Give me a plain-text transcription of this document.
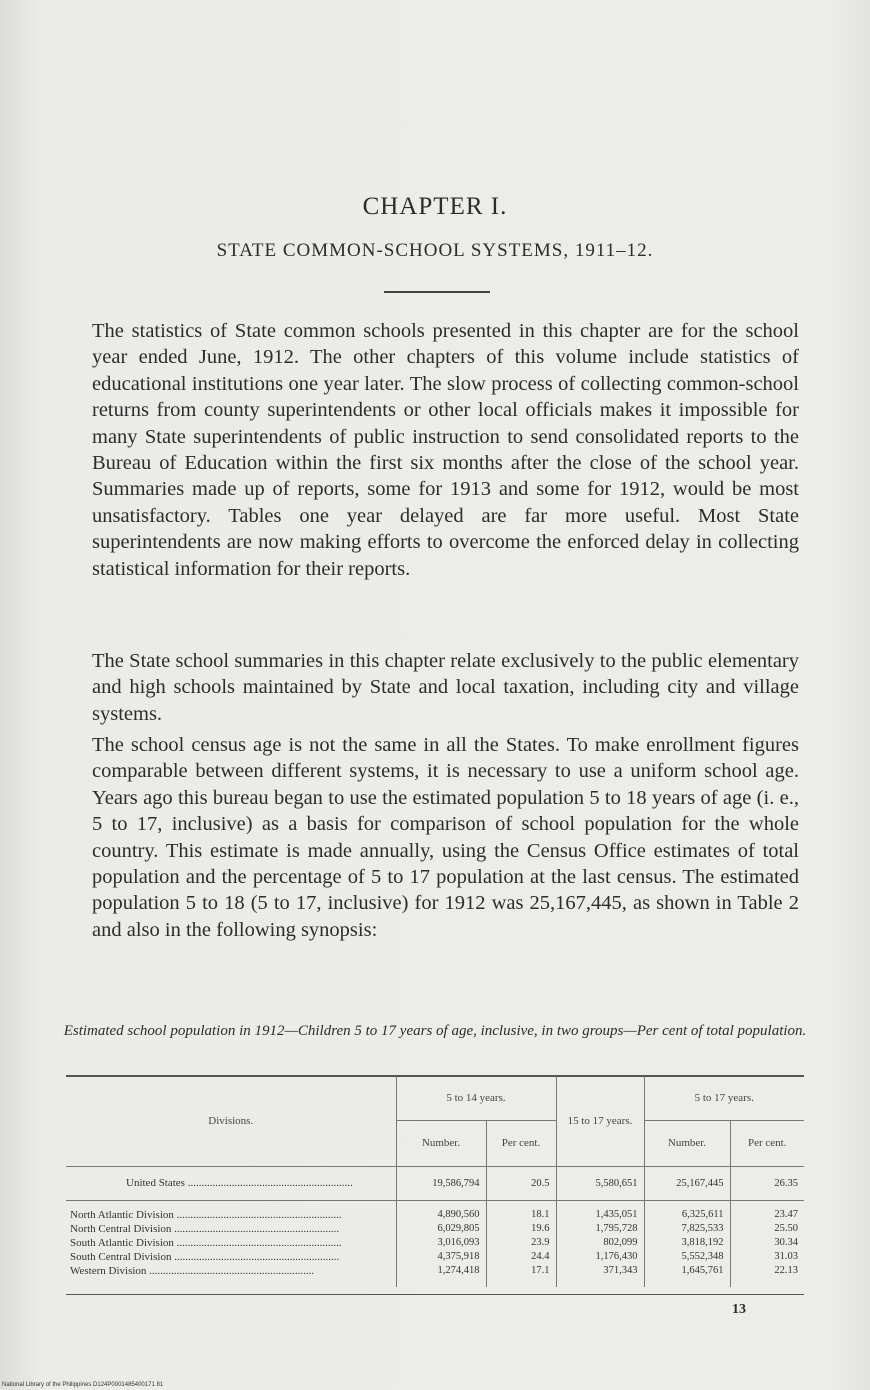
CHAPTER I.
STATE COMMON-SCHOOL SYSTEMS, 1911–12.

The statistics of State common schools presented in this chapter are for the school year ended June, 1912. The other chapters of this volume include statistics of educational institutions one year later. The slow process of collecting common-school returns from county superintendents or other local officials makes it impossible for many State superintendents of public instruction to send consolidated reports to the Bureau of Education within the first six months after the close of the school year. Summaries made up of reports, some for 1913 and some for 1912, would be most unsatisfactory. Tables one year delayed are far more useful. Most State superintendents are now making efforts to overcome the enforced delay in collecting statistical information for their reports.

The State school summaries in this chapter relate exclusively to the public elementary and high schools maintained by State and local taxation, including city and village systems.

The school census age is not the same in all the States. To make enrollment figures comparable between different systems, it is necessary to use a uniform school age. Years ago this bureau began to use the estimated population 5 to 18 years of age (i. e., 5 to 17, inclusive) as a basis for comparison of school population for the whole country. This estimate is made annually, using the Census Office estimates of total population and the percentage of 5 to 17 population at the last census. The estimated population 5 to 18 (5 to 17, inclusive) for 1912 was 25,167,445, as shown in Table 2 and also in the following synopsis:

Estimated school population in 1912—Children 5 to 17 years of age, inclusive, in two groups—Per cent of total population.
Divisions.	5 to 14 years.		15 to 17 years.	5 to 17 years.	
	Number.	Per cent.		Number.	Per cent.
United States ............................................................	19,586,794	20.5	5,580,651	25,167,445	26.35
North Atlantic Division ............................................................	4,890,560	18.1	1,435,051	6,325,611	23.47
North Central Division ............................................................	6,029,805	19.6	1,795,728	7,825,533	25.50
South Atlantic Division ............................................................	3,016,093	23.9	802,099	3,818,192	30.34
South Central Division ............................................................	4,375,918	24.4	1,176,430	5,552,348	31.03
Western Division ............................................................	1,274,418	17.1	371,343	1,645,761	22.13
13
National Library of the Philippines D124P0001485400171 81
